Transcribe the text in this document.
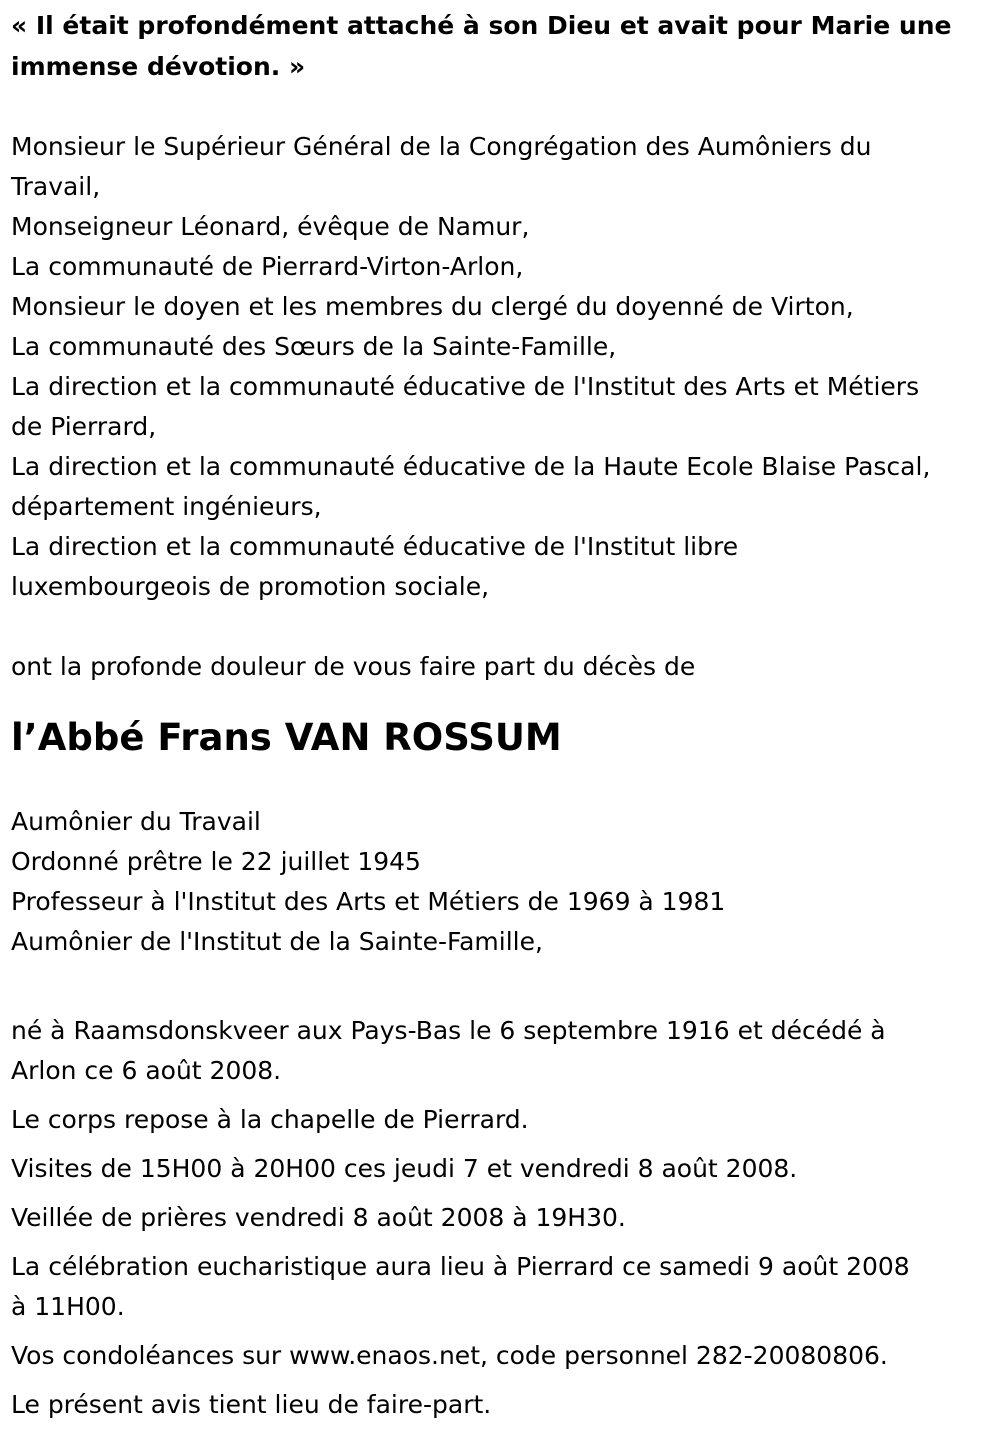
« Il était profondément attaché à son Dieu et avait pour Marie une

immense dévotion. »

Monsieur le Supérieur Général de la Congrégation des Aumôniers du

Travail,

Monseigneur Léonard, évêque de Namur,

La communauté de Pierrard-Virton-Arlon,

Monsieur le doyen et les membres du clergé du doyenné de Virton,

La communauté des Sœurs de la Sainte-Famille,

La direction et la communauté éducative de l'Institut des Arts et Métiers

de Pierrard,

La direction et la communauté éducative de la Haute Ecole Blaise Pascal,

département ingénieurs,

La direction et la communauté éducative de l'Institut libre

luxembourgeois de promotion sociale,

ont la profonde douleur de vous faire part du décès de

l’Abbé Frans VAN ROSSUM

Aumônier du Travail

Ordonné prêtre le 22 juillet 1945

Professeur à l'Institut des Arts et Métiers de 1969 à 1981

Aumônier de l'Institut de la Sainte-Famille,

né à Raamsdonskveer aux Pays-Bas le 6 septembre 1916 et décédé à

Arlon ce 6 août 2008.

Le corps repose à la chapelle de Pierrard.

Visites de 15H00 à 20H00 ces jeudi 7 et vendredi 8 août 2008.

Veillée de prières vendredi 8 août 2008 à 19H30.

La célébration eucharistique aura lieu à Pierrard ce samedi 9 août 2008

à 11H00.

Vos condoléances sur www.enaos.net, code personnel 282-20080806.

Le présent avis tient lieu de faire-part.
